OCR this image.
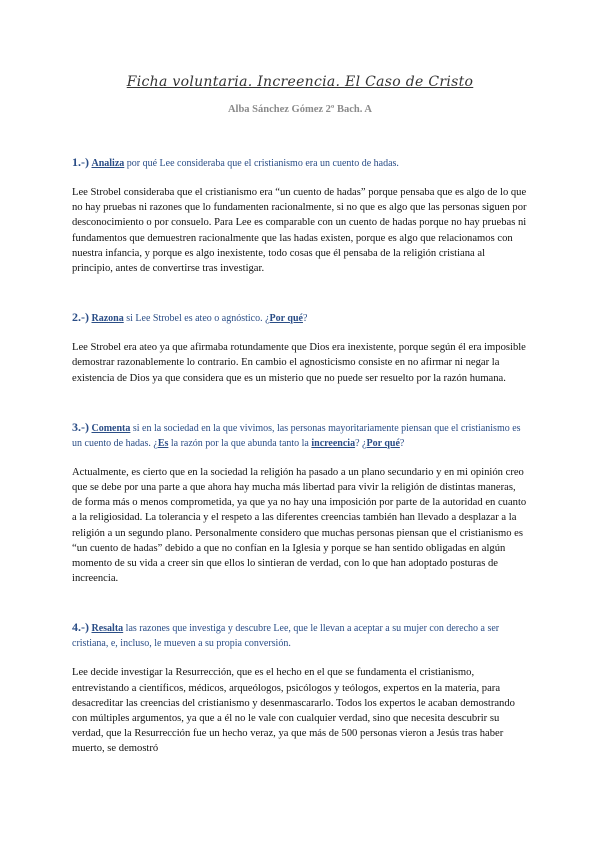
Ficha voluntaria. Increencia. El Caso de Cristo
Alba Sánchez Gómez 2º Bach. A
1.-) Analiza por qué Lee consideraba que el cristianismo era un cuento de hadas.
Lee Strobel consideraba que el cristianismo era “un cuento de hadas” porque pensaba que es algo de lo que no hay pruebas ni razones que lo fundamenten racionalmente, si no que es algo que las personas siguen por desconocimiento o por consuelo. Para Lee es comparable con un cuento de hadas porque no hay pruebas ni fundamentos que demuestren racionalmente que las hadas existen, porque es algo que relacionamos con nuestra infancia, y porque es algo inexistente, todo cosas que él pensaba de la religión cristiana al principio, antes de convertirse tras investigar.
2.-) Razona si Lee Strobel es ateo o agnóstico. ¿Por qué?
Lee Strobel era ateo ya que afirmaba rotundamente que Dios era inexistente, porque según él era imposible demostrar razonablemente lo contrario. En cambio el agnosticismo consiste en no afirmar ni negar la existencia de Dios ya que considera que es un misterio que no puede ser resuelto por la razón humana.
3.-) Comenta si en la sociedad en la que vivimos, las personas mayoritariamente piensan que el cristianismo es un cuento de hadas. ¿Es la razón por la que abunda tanto la increencia? ¿Por qué?
Actualmente, es cierto que en la sociedad la religión ha pasado a un plano secundario y en mi opinión creo que se debe por una parte a que ahora hay mucha más libertad para vivir la religión de distintas maneras, de forma más o menos comprometida, ya que ya no hay una imposición por parte de la autoridad en cuanto a la religiosidad. La tolerancia y el respeto a las diferentes creencias también han llevado a desplazar a la religión a un segundo plano. Personalmente considero que muchas personas piensan que el cristianismo es “un cuento de hadas” debido a que no confían en la Iglesia y porque se han sentido obligadas en algún momento de su vida a creer sin que ellos lo sintieran de verdad, con lo que han adoptado posturas de increencia.
4.-) Resalta las razones que investiga y descubre Lee, que le llevan a aceptar a su mujer con derecho a ser cristiana, e, incluso, le mueven a su propia conversión.
Lee decide investigar la Resurrección, que es el hecho en el que se fundamenta el cristianismo, entrevistando a científicos, médicos, arqueólogos, psicólogos y teólogos, expertos en la materia, para desacreditar las creencias del cristianismo y desenmascararlo. Todos los expertos le acaban demostrando con múltiples argumentos, ya que a él no le vale con cualquier verdad, sino que necesita descubrir su verdad, que la Resurrección fue un hecho veraz, ya que más de 500 personas vieron a Jesús tras haber muerto, se demostró
